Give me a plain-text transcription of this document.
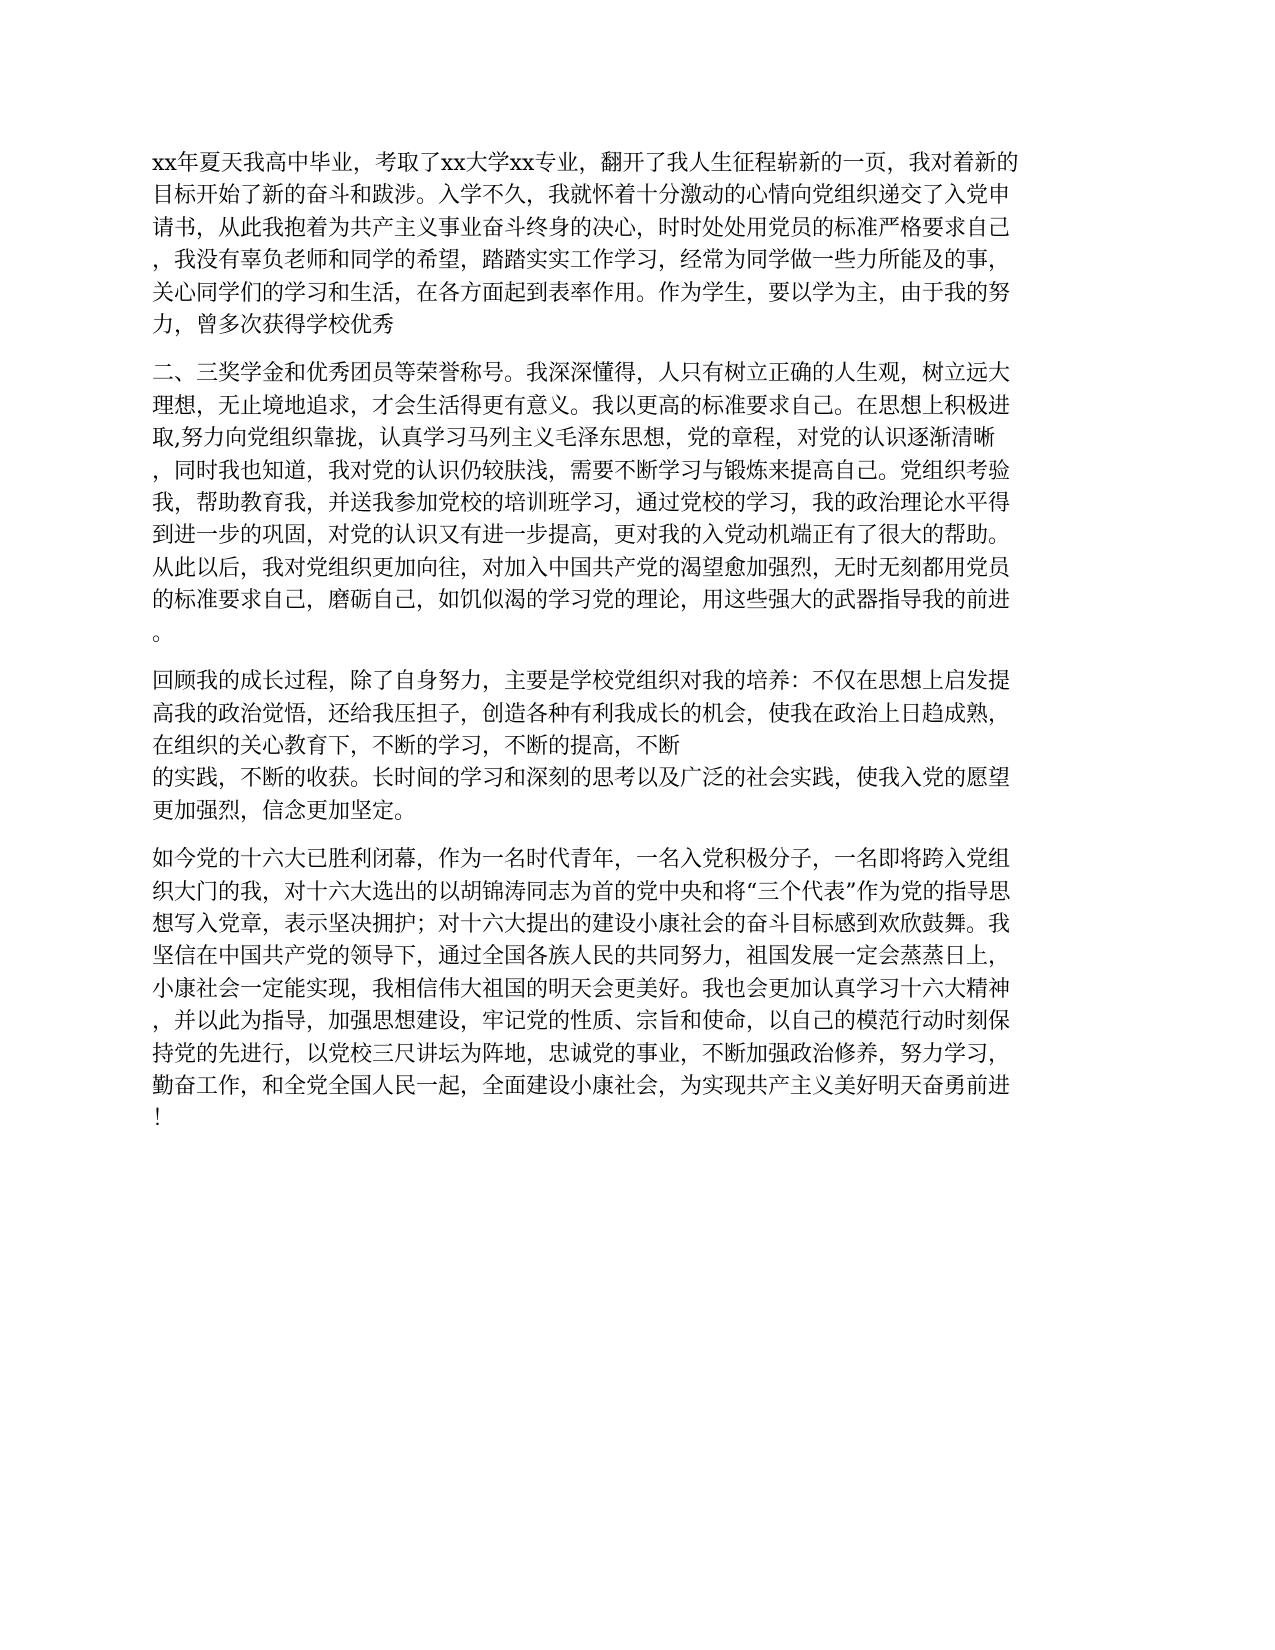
xx年夏天我高中毕业，考取了xx大学xx专业，翻开了我人生征程崭新的一页，我对着新的
目标开始了新的奋斗和跋涉。入学不久，我就怀着十分激动的心情向党组织递交了入党申
请书，从此我抱着为共产主义事业奋斗终身的决心，时时处处用党员的标准严格要求自己
，我没有辜负老师和同学的希望，踏踏实实工作学习，经常为同学做一些力所能及的事，
关心同学们的学习和生活，在各方面起到表率作用。作为学生，要以学为主，由于我的努
力，曾多次获得学校优秀

二、三奖学金和优秀团员等荣誉称号。我深深懂得，人只有树立正确的人生观，树立远大
理想，无止境地追求，才会生活得更有意义。我以更高的标准要求自己。在思想上积极进
取,努力向党组织靠拢，认真学习马列主义毛泽东思想，党的章程，对党的认识逐渐清晰
，同时我也知道，我对党的认识仍较肤浅，需要不断学习与锻炼来提高自己。党组织考验
我，帮助教育我，并送我参加党校的培训班学习，通过党校的学习，我的政治理论水平得
到进一步的巩固，对党的认识又有进一步提高，更对我的入党动机端正有了很大的帮助。
从此以后，我对党组织更加向往，对加入中国共产党的渴望愈加强烈，无时无刻都用党员
的标准要求自己，磨砺自己，如饥似渴的学习党的理论，用这些强大的武器指导我的前进
。

回顾我的成长过程，除了自身努力，主要是学校党组织对我的培养：不仅在思想上启发提
高我的政治觉悟，还给我压担子，创造各种有利我成长的机会，使我在政治上日趋成熟，
在组织的关心教育下，不断的学习，不断的提高，不断
的实践，不断的收获。长时间的学习和深刻的思考以及广泛的社会实践，使我入党的愿望
更加强烈，信念更加坚定。

如今党的十六大已胜利闭幕，作为一名时代青年，一名入党积极分子，一名即将跨入党组
织大门的我，对十六大选出的以胡锦涛同志为首的党中央和将“三个代表”作为党的指导思
想写入党章，表示坚决拥护；对十六大提出的建设小康社会的奋斗目标感到欢欣鼓舞。我
坚信在中国共产党的领导下，通过全国各族人民的共同努力，祖国发展一定会蒸蒸日上，
小康社会一定能实现，我相信伟大祖国的明天会更美好。我也会更加认真学习十六大精神
，并以此为指导，加强思想建设，牢记党的性质、宗旨和使命，以自己的模范行动时刻保
持党的先进行，以党校三尺讲坛为阵地，忠诚党的事业，不断加强政治修养，努力学习，
勤奋工作，和全党全国人民一起，全面建设小康社会，为实现共产主义美好明天奋勇前进
！
